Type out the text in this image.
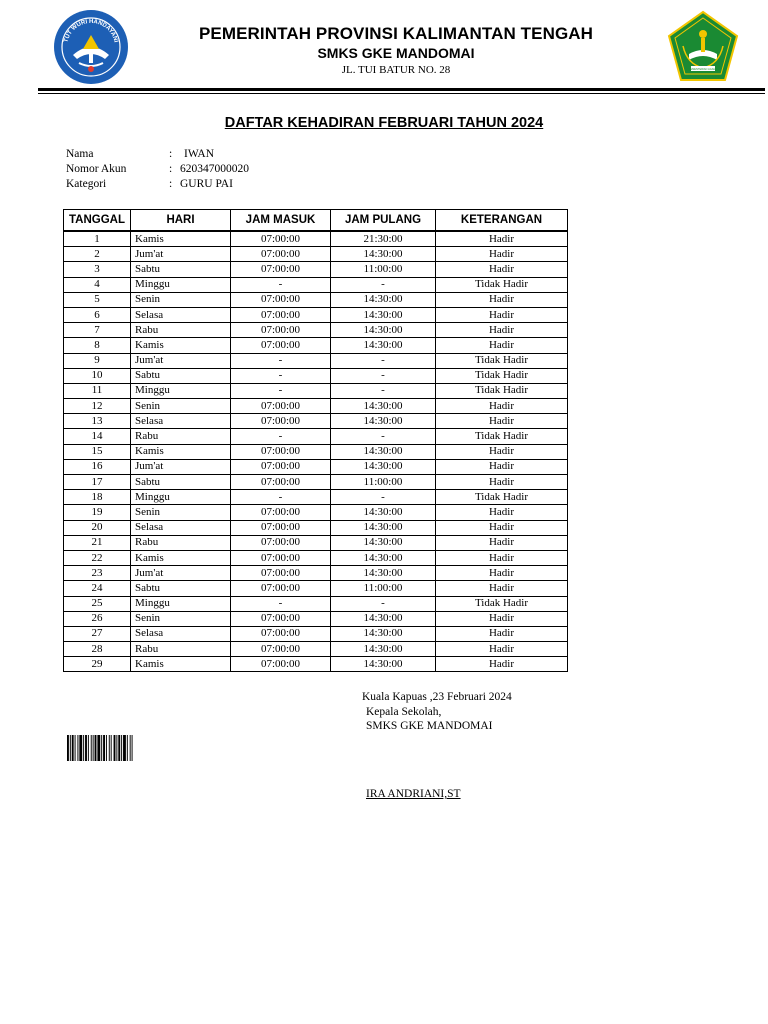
TUT WURI HANDAYANI
KEMENTERIAN AGAMA
PEMERINTAH PROVINSI KALIMANTAN TENGAH
SMKS GKE MANDOMAI
JL. TUI BATUR NO. 28
DAFTAR KEHADIRAN FEBRUARI TAHUN 2024
Nama	: IWAN
Nomor Akun	: 620347000020
Kategori	: GURU PAI
TANGGAL	HARI	JAM MASUK	JAM PULANG	KETERANGAN
1	Kamis	07:00:00	21:30:00	Hadir
2	Jum'at	07:00:00	14:30:00	Hadir
3	Sabtu	07:00:00	11:00:00	Hadir
4	Minggu	-	-	Tidak Hadir
5	Senin	07:00:00	14:30:00	Hadir
6	Selasa	07:00:00	14:30:00	Hadir
7	Rabu	07:00:00	14:30:00	Hadir
8	Kamis	07:00:00	14:30:00	Hadir
9	Jum'at	-	-	Tidak Hadir
10	Sabtu	-	-	Tidak Hadir
11	Minggu	-	-	Tidak Hadir
12	Senin	07:00:00	14:30:00	Hadir
13	Selasa	07:00:00	14:30:00	Hadir
14	Rabu	-	-	Tidak Hadir
15	Kamis	07:00:00	14:30:00	Hadir
16	Jum'at	07:00:00	14:30:00	Hadir
17	Sabtu	07:00:00	11:00:00	Hadir
18	Minggu	-	-	Tidak Hadir
19	Senin	07:00:00	14:30:00	Hadir
20	Selasa	07:00:00	14:30:00	Hadir
21	Rabu	07:00:00	14:30:00	Hadir
22	Kamis	07:00:00	14:30:00	Hadir
23	Jum'at	07:00:00	14:30:00	Hadir
24	Sabtu	07:00:00	11:00:00	Hadir
25	Minggu	-	-	Tidak Hadir
26	Senin	07:00:00	14:30:00	Hadir
27	Selasa	07:00:00	14:30:00	Hadir
28	Rabu	07:00:00	14:30:00	Hadir
29	Kamis	07:00:00	14:30:00	Hadir
Kuala Kapuas ,23 Februari 2024
Kepala Sekolah,
SMKS GKE MANDOMAI
IRA ANDRIANI,ST
